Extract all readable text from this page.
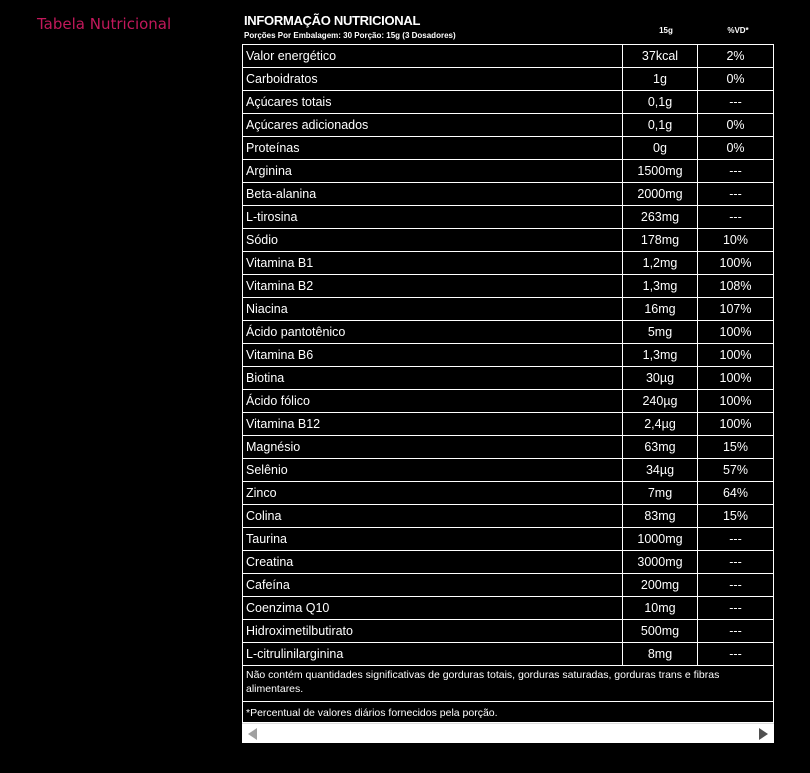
Tabela Nutricional	INFORMAÇÃO NUTRICIONAL
Porções Por Embalagem: 30 Porção: 15g (3 Dosadores)
15g	%VD*
Valor energético	37kcal	2%
Carboidratos	1g	0%
Açúcares totais	0,1g	---
Açúcares adicionados	0,1g	0%
Proteínas	0g	0%
Arginina	1500mg	---
Beta-alanina	2000mg	---
L-tirosina	263mg	---
Sódio	178mg	10%
Vitamina B1	1,2mg	100%
Vitamina B2	1,3mg	108%
Niacina	16mg	107%
Ácido pantotênico	5mg	100%
Vitamina B6	1,3mg	100%
Biotina	30µg	100%
Ácido fólico	240µg	100%
Vitamina B12	2,4µg	100%
Magnésio	63mg	15%
Selênio	34µg	57%
Zinco	7mg	64%
Colina	83mg	15%
Taurina	1000mg	---
Creatina	3000mg	---
Cafeína	200mg	---
Coenzima Q10	10mg	---
Hidroximetilbutirato	500mg	---
L-citrulinilarginina	8mg	---
Não contém quantidades significativas de gorduras totais, gorduras saturadas, gorduras trans e fibras alimentares.
*Percentual de valores diários fornecidos pela porção.
